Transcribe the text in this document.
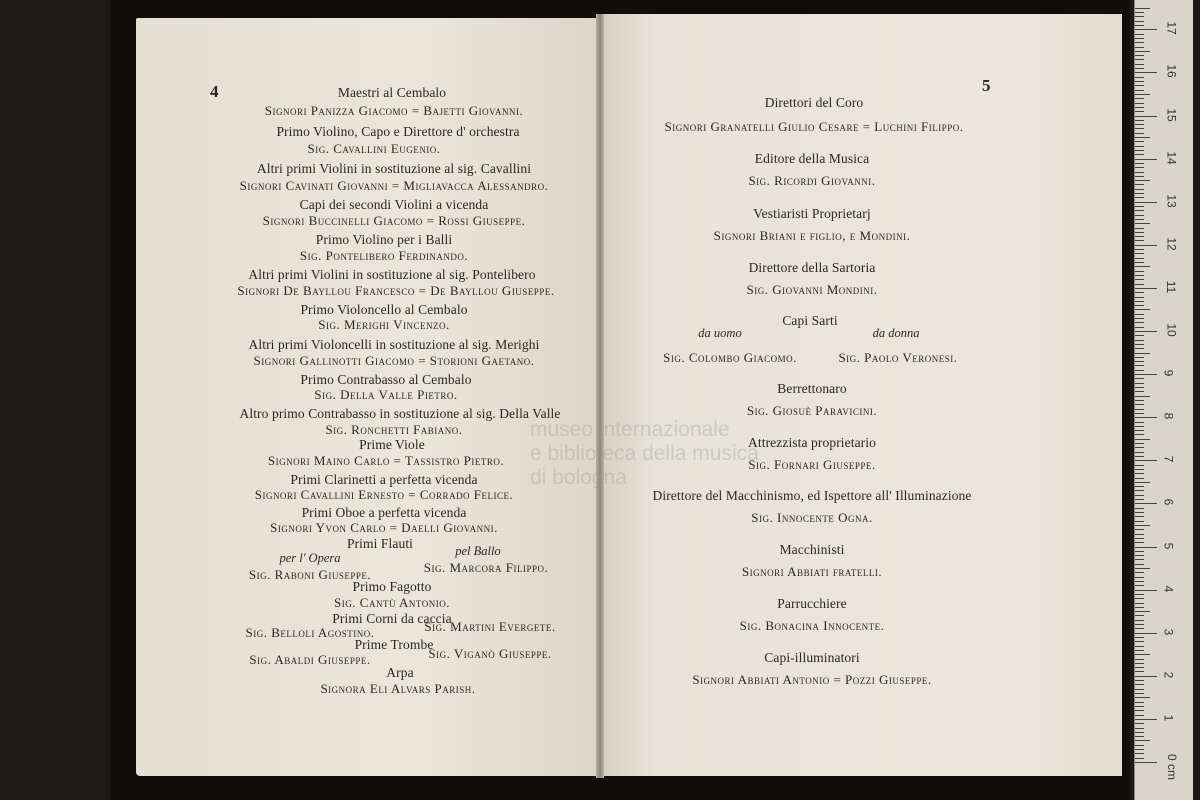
4	5
Maestri al Cembalo
Signori Panizza Giacomo = Bajetti Giovanni.
Primo Violino, Capo e Direttore d' orchestra
Sig. Cavallini Eugenio.
Altri primi Violini in sostituzione al sig. Cavallini
Signori Cavinati Giovanni = Migliavacca Alessandro.
Capi dei secondi Violini a vicenda
Signori Buccinelli Giacomo = Rossi Giuseppe.
Primo Violino per i Balli
Sig. Pontelibero Ferdinando.
Altri primi Violini in sostituzione al sig. Pontelibero
Signori De Bayllou Francesco = De Bayllou Giuseppe.
Primo Violoncello al Cembalo
Sig. Merighi Vincenzo.
Altri primi Violoncelli in sostituzione al sig. Merighi
Signori Gallinotti Giacomo = Storioni Gaetano.
Primo Contrabasso al Cembalo
Sig. Della Valle Pietro.
Altro primo Contrabasso in sostituzione al sig. Della Valle
Sig. Ronchetti Fabiano.
Prime Viole
Signori Maino Carlo = Tassistro Pietro.
Primi Clarinetti a perfetta vicenda
Signori Cavallini Ernesto = Corrado Felice.
Primi Oboe a perfetta vicenda
Signori Yvon Carlo = Daelli Giovanni.
Primi Flauti
per l' Opera	pel Ballo
Sig. Raboni Giuseppe.	Sig. Marcora Filippo.
Primo Fagotto
Sig. Cantù Antonio.
Primi Corni da caccia
Sig. Belloli Agostino.	Sig. Martini Evergete.
Prime Trombe
Sig. Abaldi Giuseppe.	Sig. Viganò Giuseppe.
Arpa
Signora Eli Alvars Parish.
Direttori del Coro
Signori Granatelli Giulio Cesare = Luchini Filippo.
Editore della Musica
Sig. Ricordi Giovanni.
Vestiaristi Proprietarj
Signori Briani e figlio, e Mondini.
Direttore della Sartoria
Sig. Giovanni Mondini.
Capi Sarti
da uomo	da donna
Sig. Colombo Giacomo.	Sig. Paolo Veronesi.
Berrettonaro
Sig. Giosuè Paravicini.
Attrezzista proprietario
Sig. Fornari Giuseppe.
Direttore del Macchinismo, ed Ispettore all' Illuminazione
Sig. Innocente Ogna.
Macchinisti
Signori Abbiati fratelli.
Parrucchiere
Sig. Bonacina Innocente.
Capi-illuminatori
Signori Abbiati Antonio = Pozzi Giuseppe.
museo internazionale
e biblioteca della musica
di bologna
0 cm
1
2
3
4
5
6
7
8
9
10
11
12
13
14
15
16
17
